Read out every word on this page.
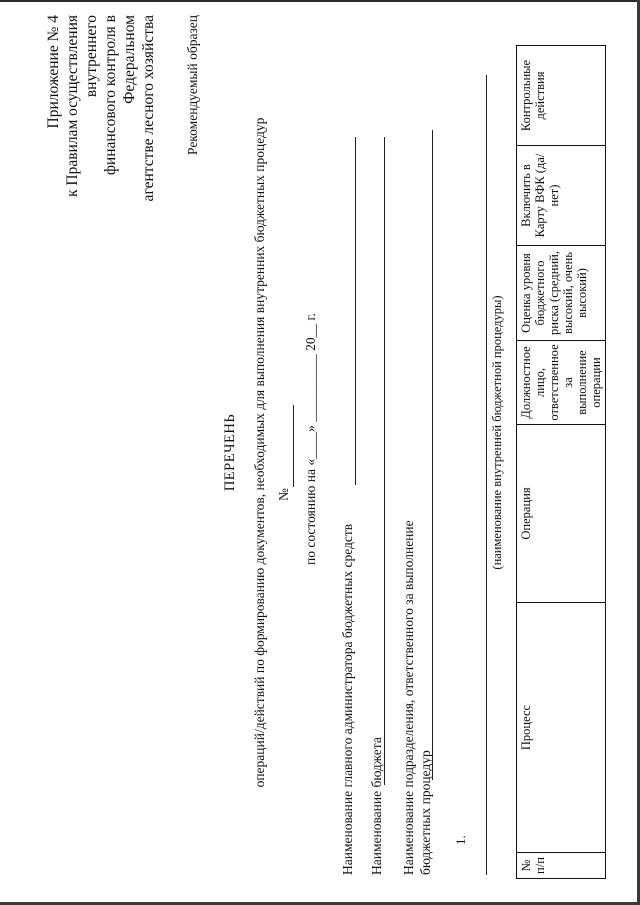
Приложение № 4 к Правилам осуществления внутреннего финансового контроля в Федеральном агентстве лесного хозяйства Рекомендуемый образец
ПЕРЕЧЕНЬ операций/действий по формированию документов, необходимых для выполнения внутренних бюджетных процедур № по состоянию на «____» __________ 20__ г.
Наименование главного администратора бюджетных средств Наименование бюджета Наименование подразделения, ответственного за выполнение бюджетных процедур 1.
(наименование внутренней бюджетной процедуры)
№ п/п	Процесс	Операция	Должностное лицо, ответственное за выполнение операции	Оценка уровня бюджетного риска (средний, высокий, очень высокий)	Включить в Карту ВФК (да/нет)	Контрольные действия
